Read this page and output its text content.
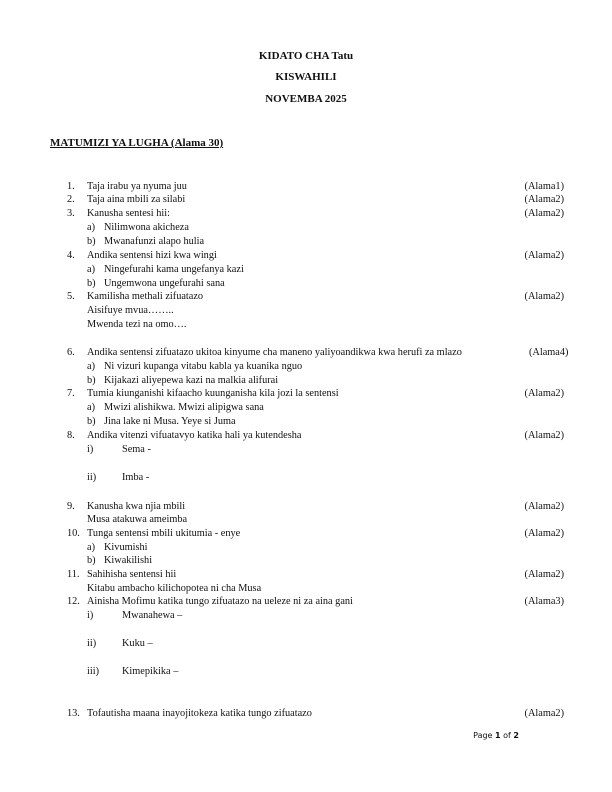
KIDATO CHA Tatu
KISWAHILI
NOVEMBA 2025
MATUMIZI YA LUGHA (Alama 30)
1. Taja irabu ya nyuma juu	(Alama1)
2. Taja aina mbili za silabi	(Alama2)
3. Kanusha sentesi hii:	(Alama2)
a) Nilimwona akicheza
b) Mwanafunzi alapo hulia
4. Andika sentensi hizi kwa wingi	(Alama2)
a) Ningefurahi kama ungefanya kazi
b) Ungemwona ungefurahi sana
5. Kamilisha methali zifuatazo	(Alama2)
Aisifuye mvua……..
Mwenda tezi na omo….
6. Andika sentensi zifuatazo ukitoa kinyume cha maneno yaliyoandikwa kwa herufi za mlazo	(Alama4)
a) Ni vizuri kupanga vitabu kabla ya kuanika nguo
b) Kijakazi aliyepewa kazi na malkia alifurai
7. Tumia kiunganishi kifaacho kuunganisha kila jozi la sentensi	(Alama2)
a) Mwizi alishikwa. Mwizi alipigwa sana
b) Jina lake ni Musa. Yeye si Juma
8. Andika vitenzi vifuatavyo katika hali ya kutendesha	(Alama2)
i)	Sema -
ii)	Imba -
9. Kanusha kwa njia mbili	(Alama2)
Musa atakuwa ameimba
10. Tunga sentensi mbili ukitumia - enye	(Alama2)
a) Kivumishi
b) Kiwakilishi
11. Sahihisha sentensi hii	(Alama2)
Kitabu ambacho kilichopotea ni cha Musa
12. Ainisha Mofimu katika tungo zifuatazo na ueleze ni za aina gani	(Alama3)
i)	Mwanahewa –
ii)	Kuku –
iii) Kimepikika –
13. Tofautisha maana inayojitokeza katika tungo zifuatazo	(Alama2)
Page 1 of 2
